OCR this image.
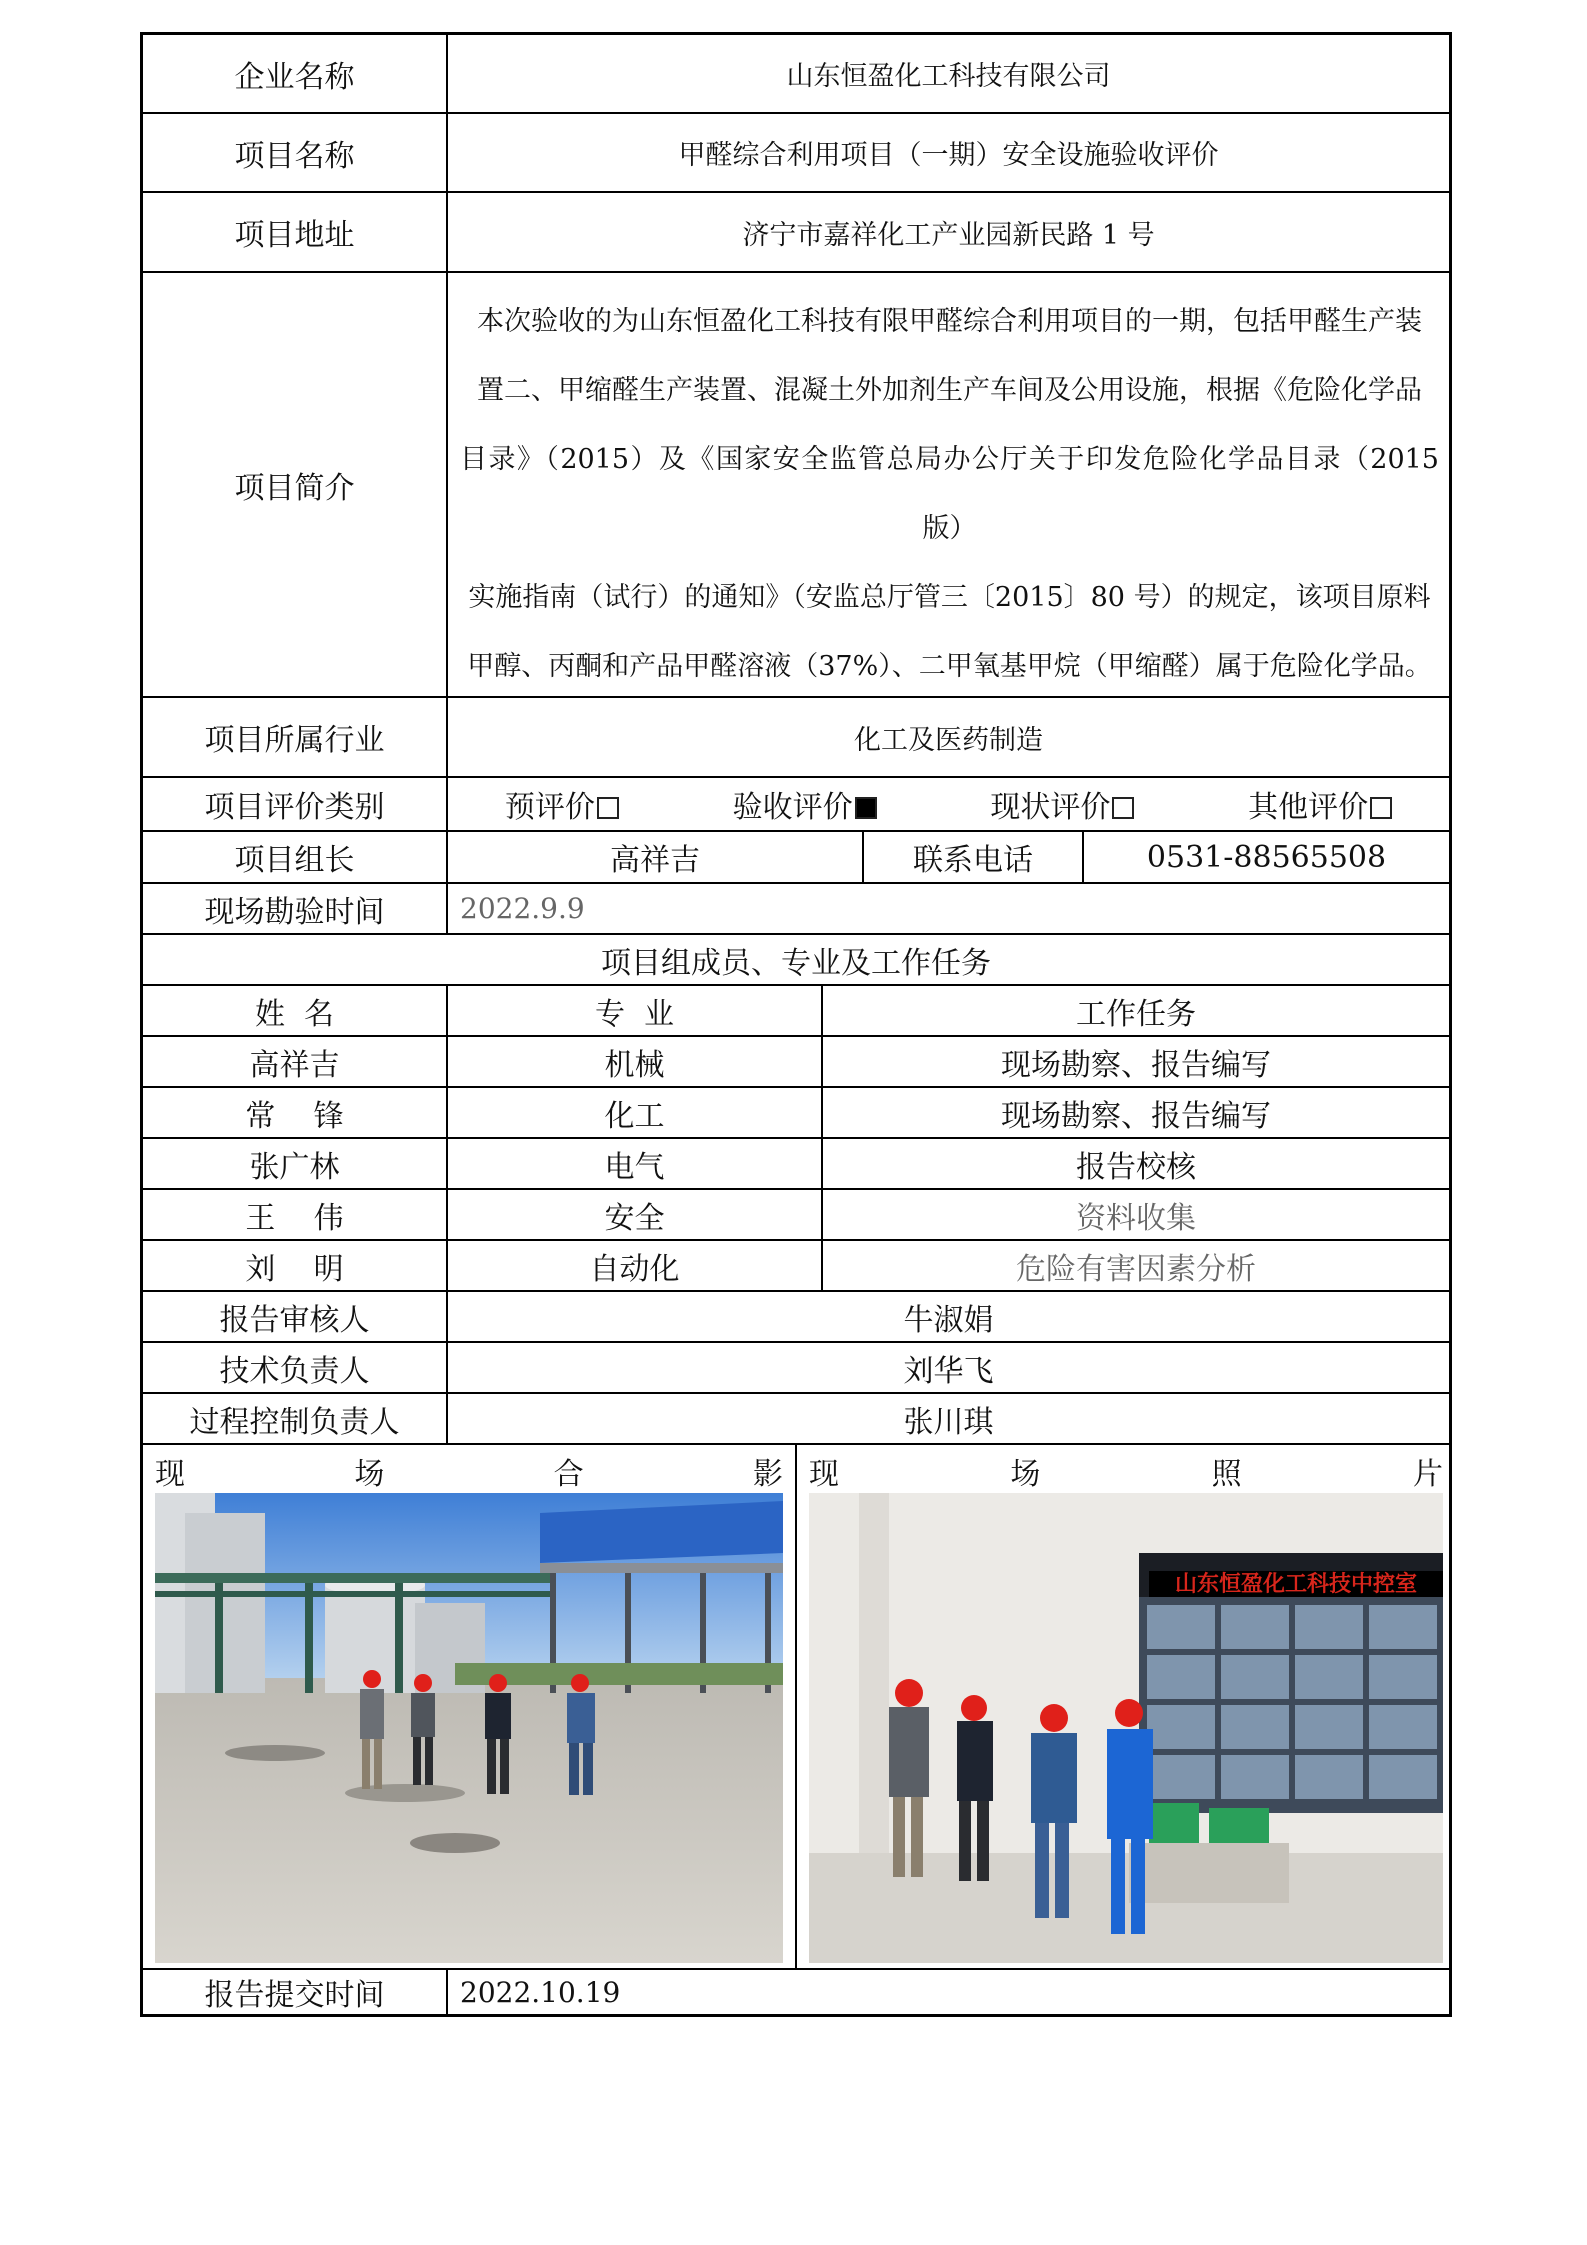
企业名称	山东恒盈化工科技有限公司
项目名称	甲醛综合利用项目（一期）安全设施验收评价
项目地址	济宁市嘉祥化工产业园新民路 1 号
项目简介
本次验收的为山东恒盈化工科技有限甲醛综合利用项目的一期，包括甲醛生产装
置二、甲缩醛生产装置、混凝土外加剂生产车间及公用设施，根据《危险化学品
目录》（2015）及《国家安全监管总局办公厅关于印发危险化学品目录（2015 版）
实施指南（试行）的通知》（安监总厅管三〔2015〕80 号）的规定，该项目原料
甲醇、丙酮和产品甲醛溶液（37%）、二甲氧基甲烷（甲缩醛）属于危险化学品。
项目所属行业	化工及医药制造
项目评价类别	预评价	验收评价	现状评价	其他评价
项目组长	高祥吉	联系电话	0531-88565508
现场勘验时间	2022.9.9
项目组成员、专业及工作任务
姓  名	专  业	工作任务
高祥吉	机械	现场勘察、报告编写
常    锋	化工	现场勘察、报告编写
张广林	电气	报告校核
王    伟	安全	资料收集
刘    明	自动化	危险有害因素分析
报告审核人	牛淑娟
技术负责人	刘华飞
过程控制负责人	张川琪
现	场	合	影 现	场	照	片
山东恒盈化工科技中控室
报告提交时间	2022.10.19
